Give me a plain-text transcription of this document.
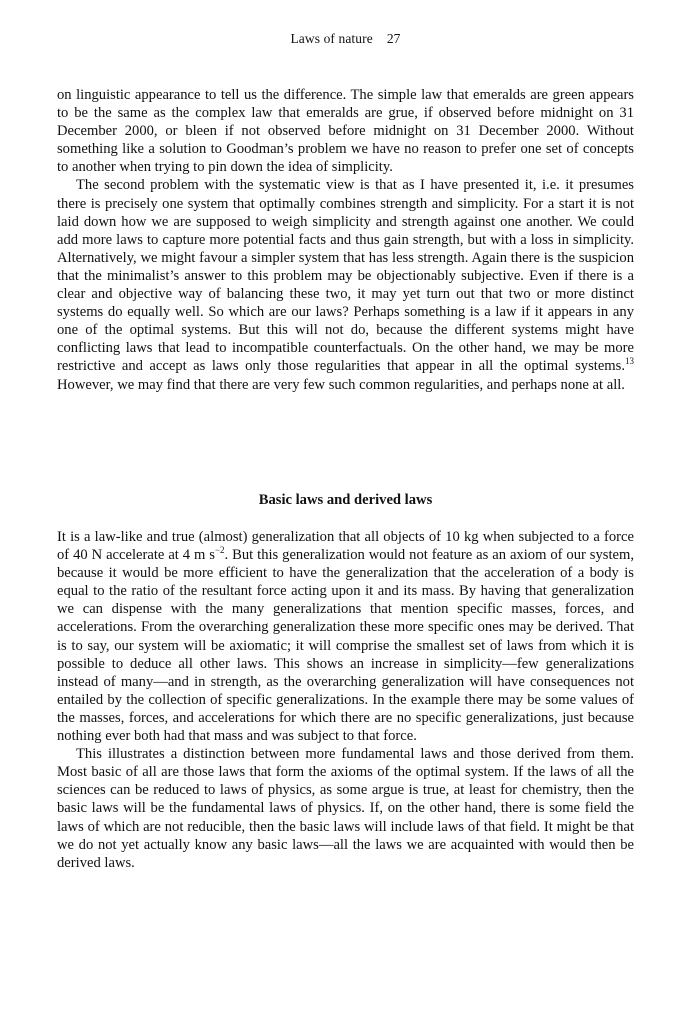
Laws of nature 27

on linguistic appearance to tell us the difference. The simple law that emeralds are green appears to be the same as the complex law that emeralds are grue, if observed before midnight on 31 December 2000, or bleen if not observed before midnight on 31 December 2000. Without something like a solution to Goodman’s problem we have no reason to prefer one set of concepts to another when trying to pin down the idea of simplicity.

The second problem with the systematic view is that as I have presented it, i.e. it presumes there is precisely one system that optimally combines strength and simplicity. For a start it is not laid down how we are supposed to weigh simplicity and strength against one another. We could add more laws to capture more potential facts and thus gain strength, but with a loss in simplicity. Alternatively, we might favour a simpler system that has less strength. Again there is the suspicion that the minimalist’s answer to this problem may be objectionably subjective. Even if there is a clear and objective way of balancing these two, it may yet turn out that two or more distinct systems do equally well. So which are our laws? Perhaps something is a law if it appears in any one of the optimal systems. But this will not do, because the different systems might have conflicting laws that lead to incompatible counterfactuals. On the other hand, we may be more restrictive and accept as laws only those regularities that appear in all the optimal systems.$^{13}$ However, we may find that there are very few such common regularities, and perhaps none at all.

Basic laws and derived laws

It is a law-like and true (almost) generalization that all objects of 10 kg when subjected to a force of 40 N accelerate at 4 m $s^{-2}$. But this generalization would not feature as an axiom of our system, because it would be more efficient to have the generalization that the acceleration of a body is equal to the ratio of the resultant force acting upon it and its mass. By having that generalization we can dispense with the many generalizations that mention specific masses, forces, and accelerations. From the overarching generalization these more specific ones may be derived. That is to say, our system will be axiomatic; it will comprise the smallest set of laws from which it is possible to deduce all other laws. This shows an increase in simplicity—few generalizations instead of many—and in strength, as the overarching generalization will have consequences not entailed by the collection of specific generalizations. In the example there may be some values of the masses, forces, and accelerations for which there are no specific generalizations, just because nothing ever both had that mass and was subject to that force.

This illustrates a distinction between more fundamental laws and those derived from them. Most basic of all are those laws that form the axioms of the optimal system. If the laws of all the sciences can be reduced to laws of physics, as some argue is true, at least for chemistry, then the basic laws will be the fundamental laws of physics. If, on the other hand, there is some field the laws of which are not reducible, then the basic laws will include laws of that field. It might be that we do not yet actually know any basic laws—all the laws we are acquainted with would then be derived laws.
